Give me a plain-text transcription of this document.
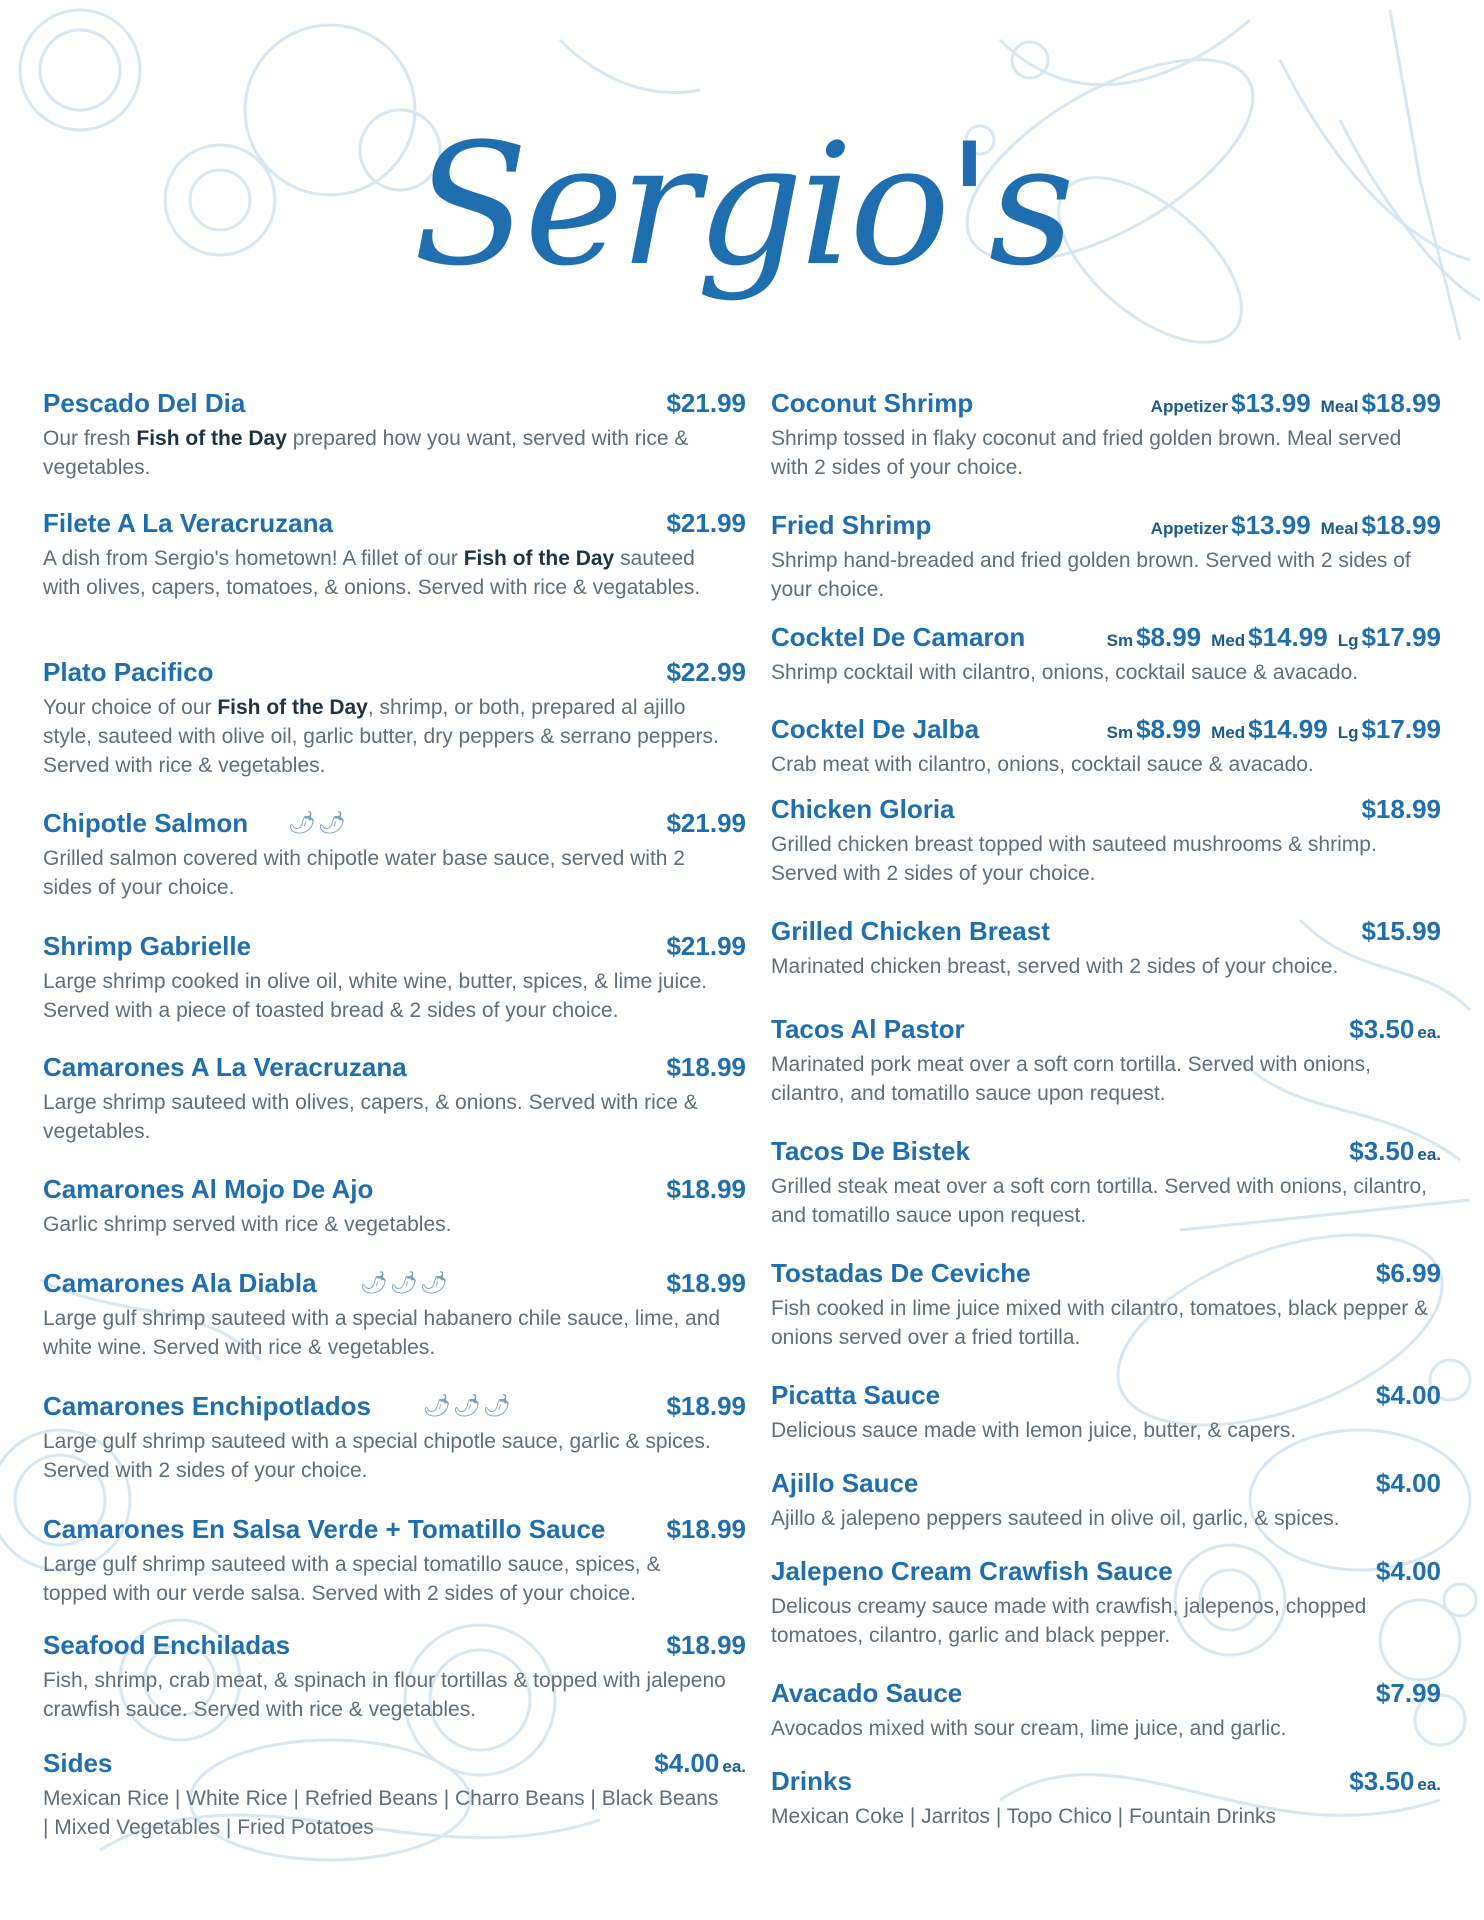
Sergio's
Pescado Del Dia	$21.99
Our fresh Fish of the Day prepared how you want, served with rice & vegetables.
Filete A La Veracruzana	$21.99
A dish from Sergio's hometown! A fillet of our Fish of the Day sauteed with olives, capers, tomatoes, & onions. Served with rice & vegatables.
Plato Pacifico	$22.99
Your choice of our Fish of the Day, shrimp, or both, prepared al ajillo style, sauteed with olive oil, garlic butter, dry peppers & serrano peppers. Served with rice & vegetables.
Chipotle Salmon 🌶🌶	$21.99
Grilled salmon covered with chipotle water base sauce, served with 2 sides of your choice.
Shrimp Gabrielle	$21.99
Large shrimp cooked in olive oil, white wine, butter, spices, & lime juice. Served with a piece of toasted bread & 2 sides of your choice.
Camarones A La Veracruzana	$18.99
Large shrimp sauteed with olives, capers, & onions. Served with rice & vegetables.
Camarones Al Mojo De Ajo	$18.99
Garlic shrimp served with rice & vegetables.
Camarones Ala Diabla 🌶🌶🌶	$18.99
Large gulf shrimp sauteed with a special habanero chile sauce, lime, and white wine. Served with rice & vegetables.
Camarones Enchipotlados 🌶🌶🌶	$18.99
Large gulf shrimp sauteed with a special chipotle sauce, garlic & spices. Served with 2 sides of your choice.
Camarones En Salsa Verde + Tomatillo Sauce $18.99
Large gulf shrimp sauteed with a special tomatillo sauce, spices, & topped with our verde salsa. Served with 2 sides of your choice.
Seafood Enchiladas	$18.99
Fish, shrimp, crab meat, & spinach in flour tortillas & topped with jalepeno crawfish sauce. Served with rice & vegetables.
Sides	$4.00 ea.
Mexican Rice | White Rice | Refried Beans | Charro Beans | Black Beans | Mixed Vegetables | Fried Potatoes
Coconut Shrimp	Appetizer $13.99 Meal $18.99
Shrimp tossed in flaky coconut and fried golden brown. Meal served with 2 sides of your choice.
Fried Shrimp	Appetizer $13.99 Meal $18.99
Shrimp hand-breaded and fried golden brown. Served with 2 sides of your choice.
Cocktel De Camaron	Sm $8.99 Med $14.99 Lg $17.99
Shrimp cocktail with cilantro, onions, cocktail sauce & avacado.
Cocktel De Jalba	Sm $8.99 Med $14.99 Lg $17.99
Crab meat with cilantro, onions, cocktail sauce & avacado.
Chicken Gloria	$18.99
Grilled chicken breast topped with sauteed mushrooms & shrimp. Served with 2 sides of your choice.
Grilled Chicken Breast	$15.99
Marinated chicken breast, served with 2 sides of your choice.
Tacos Al Pastor	$3.50 ea.
Marinated pork meat over a soft corn tortilla. Served with onions, cilantro, and tomatillo sauce upon request.
Tacos De Bistek	$3.50 ea.
Grilled steak meat over a soft corn tortilla. Served with onions, cilantro, and tomatillo sauce upon request.
Tostadas De Ceviche	$6.99
Fish cooked in lime juice mixed with cilantro, tomatoes, black pepper & onions served over a fried tortilla.
Picatta Sauce	$4.00
Delicious sauce made with lemon juice, butter, & capers.
Ajillo Sauce	$4.00
Ajillo & jalepeno peppers sauteed in olive oil, garlic, & spices.
Jalepeno Cream Crawfish Sauce	$4.00
Delicous creamy sauce made with crawfish, jalepenos, chopped tomatoes, cilantro, garlic and black pepper.
Avacado Sauce	$7.99
Avocados mixed with sour cream, lime juice, and garlic.
Drinks	$3.50 ea.
Mexican Coke | Jarritos | Topo Chico | Fountain Drinks
